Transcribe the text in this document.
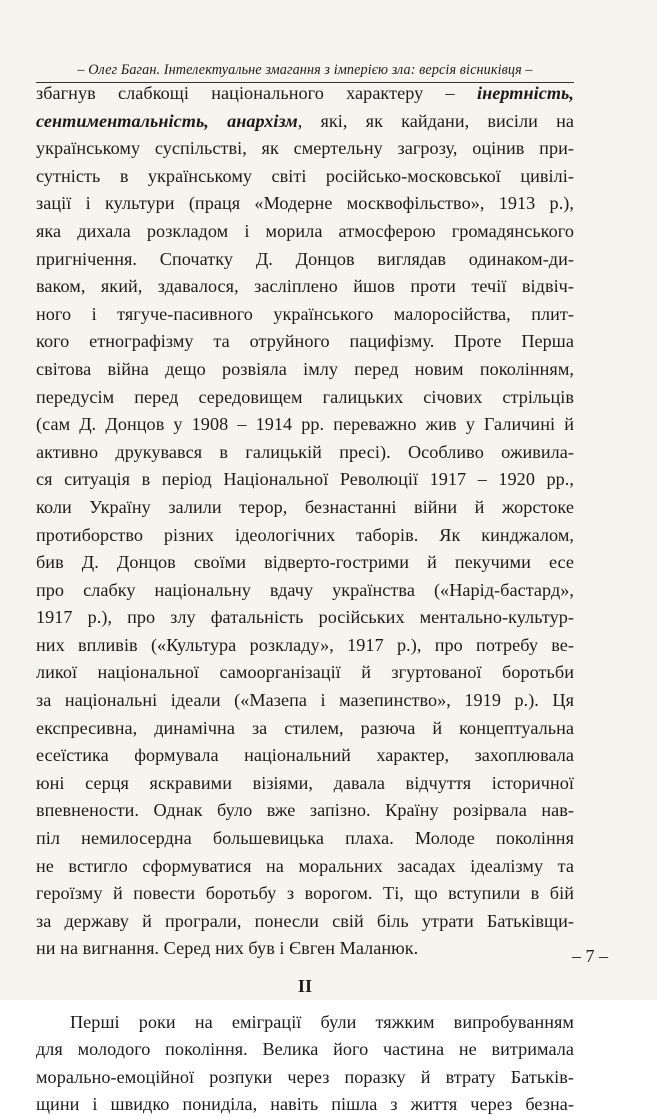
– Олег Баган. Інтелектуальне змагання з імперією зла: версія вісниківця –
збагнув слабкощі національного характеру – інертність,
сентиментальність, анархізм, які, як кайдани, висіли на
українському суспільстві, як смертельну загрозу, оцінив при-
сутність в українському світі російсько-московської цивілі-
зації і культури (праця «Модерне москвофільство», 1913 р.),
яка дихала розкладом і морила атмосферою громадянського
пригнічення. Спочатку Д. Донцов виглядав одинаком-ди-
ваком, який, здавалося, засліплено йшов проти течії відвіч-
ного і тягуче-пасивного українського малоросійства, плит-
кого етнографізму та отруйного пацифізму. Проте Перша
світова війна дещо розвіяла імлу перед новим поколінням,
передусім перед середовищем галицьких січових стрільців
(сам Д. Донцов у 1908 – 1914 рр. переважно жив у Галичині й
активно друкувався в галицькій пресі). Особливо оживила-
ся ситуація в період Національної Революції 1917 – 1920 рр.,
коли Україну залили терор, безнастанні війни й жорстоке
протиборство різних ідеологічних таборів. Як кинджалом,
бив Д. Донцов своїми відверто-гострими й пекучими есе
про слабку національну вдачу українства («Нарід-бастард»,
1917 р.), про злу фатальність російських ментально-культур-
них впливів («Культура розкладу», 1917 р.), про потребу ве-
ликої національної самоорганізації й згуртованої боротьби
за національні ідеали («Мазепа і мазепинство», 1919 р.). Ця
експресивна, динамічна за стилем, разюча й концептуальна
есеїстика формувала національний характер, захоплювала
юні серця яскравими візіями, давала відчуття історичної
впевнености. Однак було вже запізно. Країну розірвала нав-
піл немилосердна большевицька плаха. Молоде покоління
не встигло сформуватися на моральних засадах ідеалізму та
героїзму й повести боротьбу з ворогом. Ті, що вступили в бій
за державу й програли, понесли свій біль утрати Батьківщи-
ни на вигнання. Серед них був і Євген Маланюк.
II
Перші роки на еміграції були тяжким випробуванням
для молодого покоління. Велика його частина не витримала
морально-емоційної розпуки через поразку й втрату Батьків-
щини і швидко пониділа, навіть пішла з життя через безна-
– 7 –
